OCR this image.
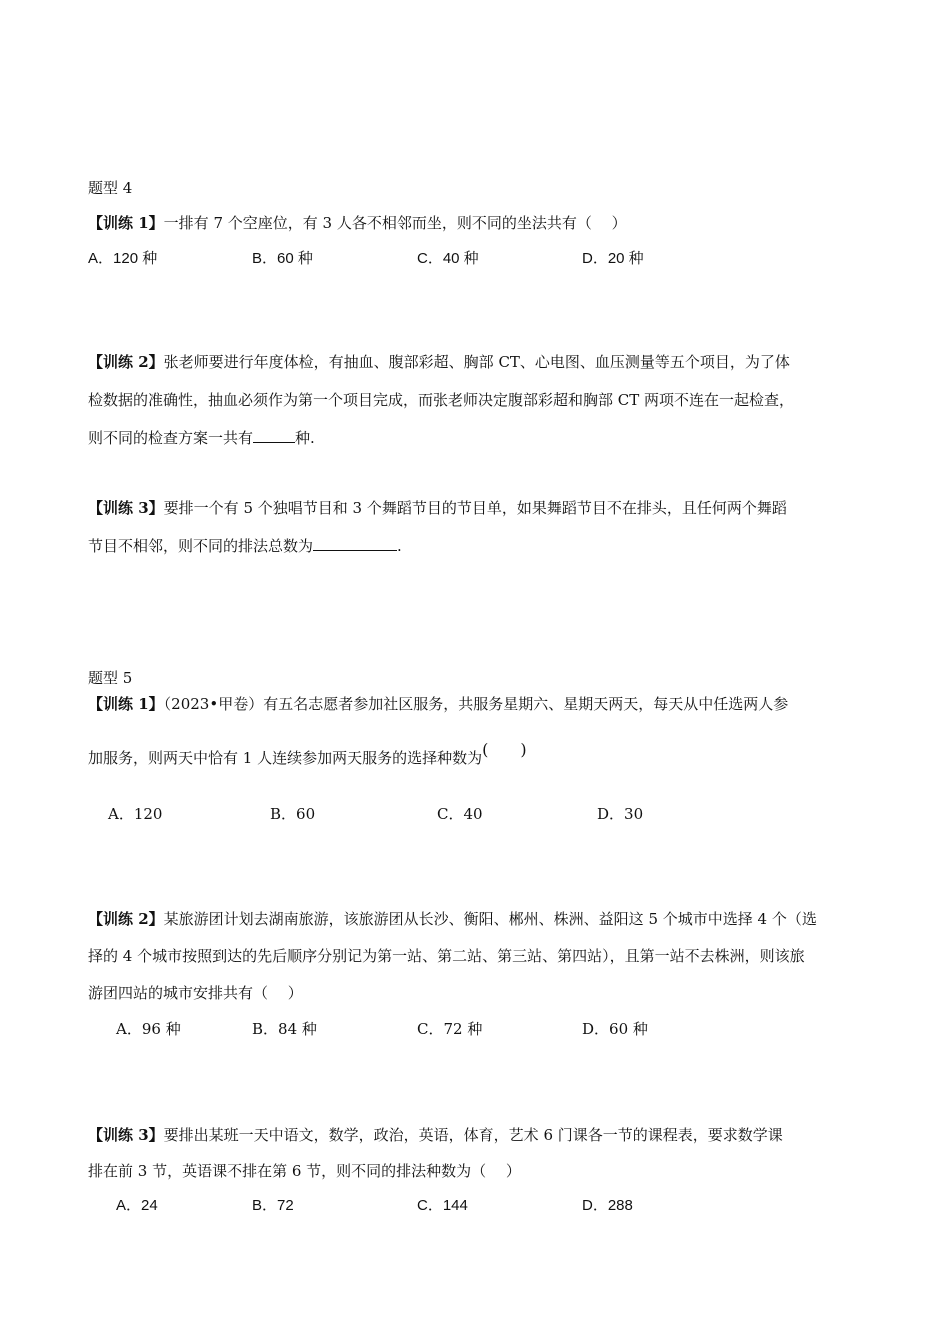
题型 4
【训练 1】一排有 7 个空座位，有 3 人各不相邻而坐，则不同的坐法共有（　 ）
A．120 种	B．60 种	C．40 种	D．20 种
【训练 2】张老师要进行年度体检，有抽血、腹部彩超、胸部 CT、心电图、血压测量等五个项目，为了体
检数据的准确性，抽血必须作为第一个项目完成，而张老师决定腹部彩超和胸部 CT 两项不连在一起检查，
则不同的检查方案一共有	种.
【训练 3】要排一个有 5 个独唱节目和 3 个舞蹈节目的节目单，如果舞蹈节目不在排头，且任何两个舞蹈
节目不相邻，则不同的排法总数为	.
题型 5
【训练 1】（2023•甲卷）有五名志愿者参加社区服务，共服务星期六、星期天两天，每天从中任选两人参
加服务，则两天中恰有 1 人连续参加两天服务的选择种数为(　　)
A．120	B．60	C．40	D．30
【训练 2】某旅游团计划去湖南旅游，该旅游团从长沙、衡阳、郴州、株洲、益阳这 5 个城市中选择 4 个（选
择的 4 个城市按照到达的先后顺序分别记为第一站、第二站、第三站、第四站），且第一站不去株洲，则该旅
游团四站的城市安排共有（　 ）
A．96 种	B．84 种	C．72 种	D．60 种
【训练 3】要排出某班一天中语文，数学，政治，英语，体育，艺术 6 门课各一节的课程表，要求数学课
排在前 3 节，英语课不排在第 6 节，则不同的排法种数为（　 ）
A．24	B．72	C．144	D．288
